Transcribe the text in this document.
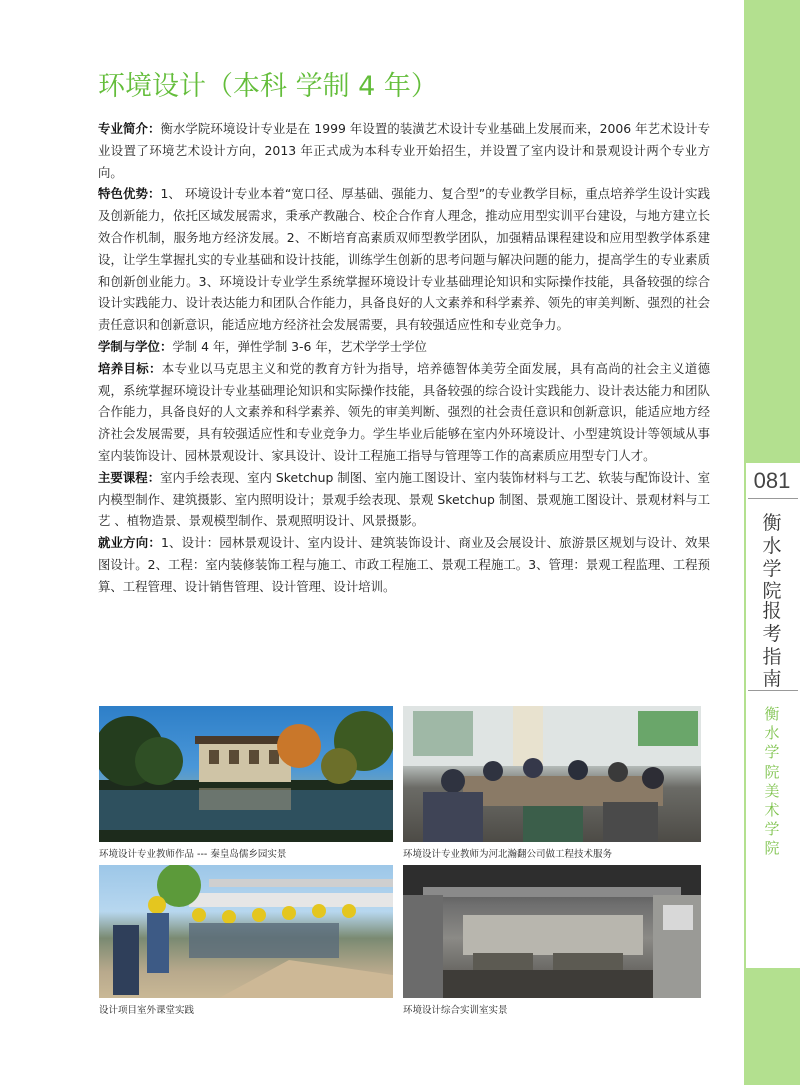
081
衡
水
学
院
报
考
指
南
衡
水
学
院
美
术
学
院
环境设计（本科 学制 4 年）

专业简介：衡水学院环境设计专业是在 1999 年设置的装潢艺术设计专业基础上发展而来，2006 年艺术设计专业设置了环境艺术设计方向，2013 年正式成为本科专业开始招生，并设置了室内设计和景观设计两个专业方向。

特色优势：1、 环境设计专业本着“宽口径、厚基础、强能力、复合型”的专业教学目标，重点培养学生设计实践及创新能力，依托区域发展需求，秉承产教融合、校企合作育人理念，推动应用型实训平台建设，与地方建立长效合作机制，服务地方经济发展。2、不断培育高素质双师型教学团队，加强精品课程建设和应用型教学体系建设，让学生掌握扎实的专业基础和设计技能，训练学生创新的思考问题与解决问题的能力，提高学生的专业素质和创新创业能力。3、环境设计专业学生系统掌握环境设计专业基础理论知识和实际操作技能，具备较强的综合设计实践能力、设计表达能力和团队合作能力，具备良好的人文素养和科学素养、领先的审美判断、强烈的社会责任意识和创新意识，能适应地方经济社会发展需要，具有较强适应性和专业竞争力。

学制与学位：学制 4 年，弹性学制 3-6 年，艺术学学士学位

培养目标：本专业以马克思主义和党的教育方针为指导，培养德智体美劳全面发展，具有高尚的社会主义道德观，系统掌握环境设计专业基础理论知识和实际操作技能，具备较强的综合设计实践能力、设计表达能力和团队合作能力，具备良好的人文素养和科学素养、领先的审美判断、强烈的社会责任意识和创新意识，能适应地方经济社会发展需要，具有较强适应性和专业竞争力。学生毕业后能够在室内外环境设计、小型建筑设计等领域从事室内装饰设计、园林景观设计、家具设计、设计工程施工指导与管理等工作的高素质应用型专门人才。

主要课程：室内手绘表现、室内 Sketchup 制图、室内施工图设计、室内装饰材料与工艺、软装与配饰设计、室内模型制作、建筑摄影、室内照明设计；景观手绘表现、景观 Sketchup 制图、景观施工图设计、景观材料与工艺 、植物造景、景观模型制作、景观照明设计、风景摄影。

就业方向：1、设计：园林景观设计、室内设计、建筑装饰设计、商业及会展设计、旅游景区规划与设计、效果图设计。2、工程：室内装修装饰工程与施工、市政工程施工、景观工程施工。3、管理：景观工程监理、工程预算、工程管理、设计销售管理、设计管理、设计培训。

环境设计专业教师作品 --- 秦皇岛儒乡园实景	环境设计专业教师为河北瀚翻公司做工程技术服务
设计项目室外课堂实践	环境设计综合实训室实景
